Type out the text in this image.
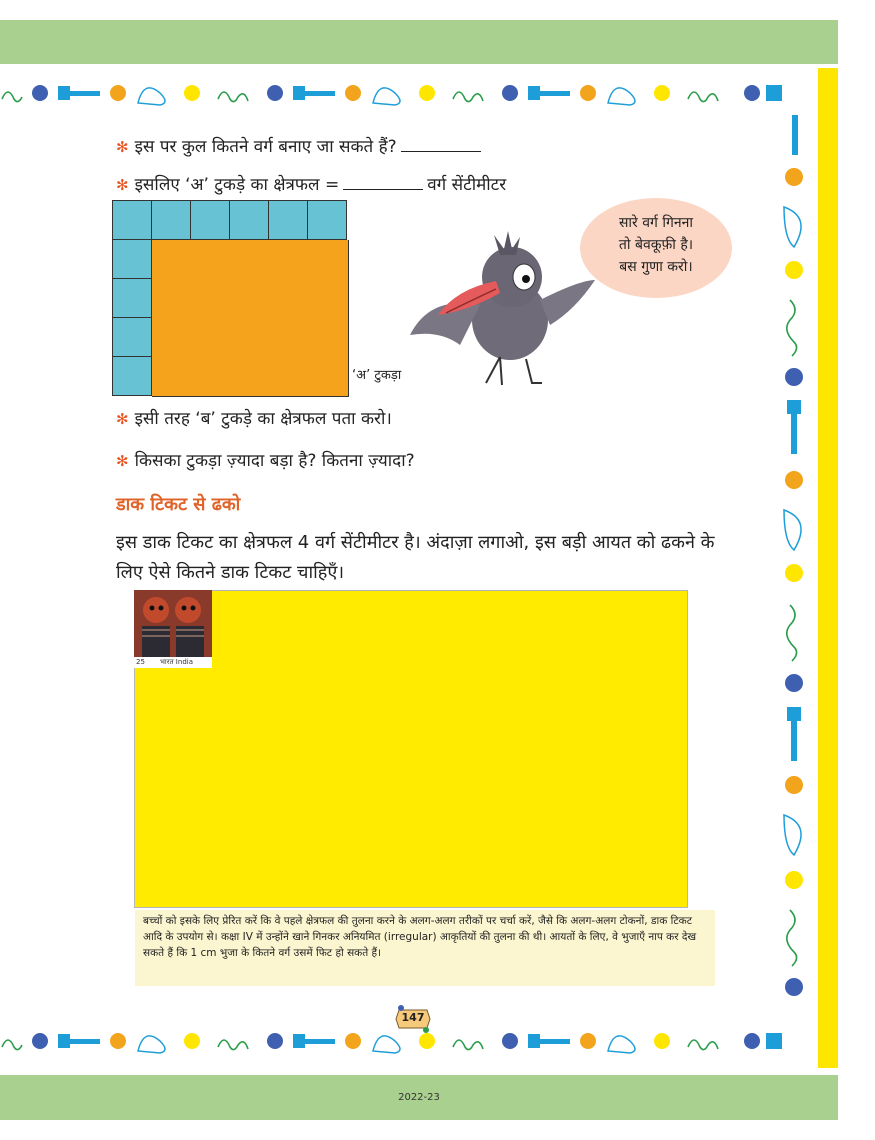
✻ इस पर कुल कितने वर्ग बनाए जा सकते हैं?
✻ इसलिए ‘अ’ टुकड़े का क्षेत्रफल =	वर्ग सेंटीमीटर
‘अ’ टुकड़ा
सारे वर्ग गिनना
तो बेवकूफ़ी है।
बस गुणा करो।
✻ इसी तरह ‘ब’ टुकड़े का क्षेत्रफल पता करो।
✻ किसका टुकड़ा ज़्यादा बड़ा है? कितना ज़्यादा?
डाक टिकट से ढको
इस डाक टिकट का क्षेत्रफल 4 वर्ग सेंटीमीटर है। अंदाज़ा लगाओ, इस बड़ी आयत को ढकने के लिए ऐसे कितने डाक टिकट चाहिएँ।
25 भारत India
बच्चों को इसके लिए प्रेरित करें कि वे पहले क्षेत्रफल की तुलना करने के अलग-अलग तरीकों पर चर्चा करें, जैसे कि अलग-अलग टोकनों, डाक टिकट आदि के उपयोग से। कक्षा IV में उन्होंने खाने गिनकर अनियमित (irregular) आकृतियों की तुलना की थी। आयतों के लिए, वे भुजाएँ नाप कर देख सकते हैं कि 1 cm भुजा के कितने वर्ग उसमें फिट हो सकते हैं।
147
2022-23
